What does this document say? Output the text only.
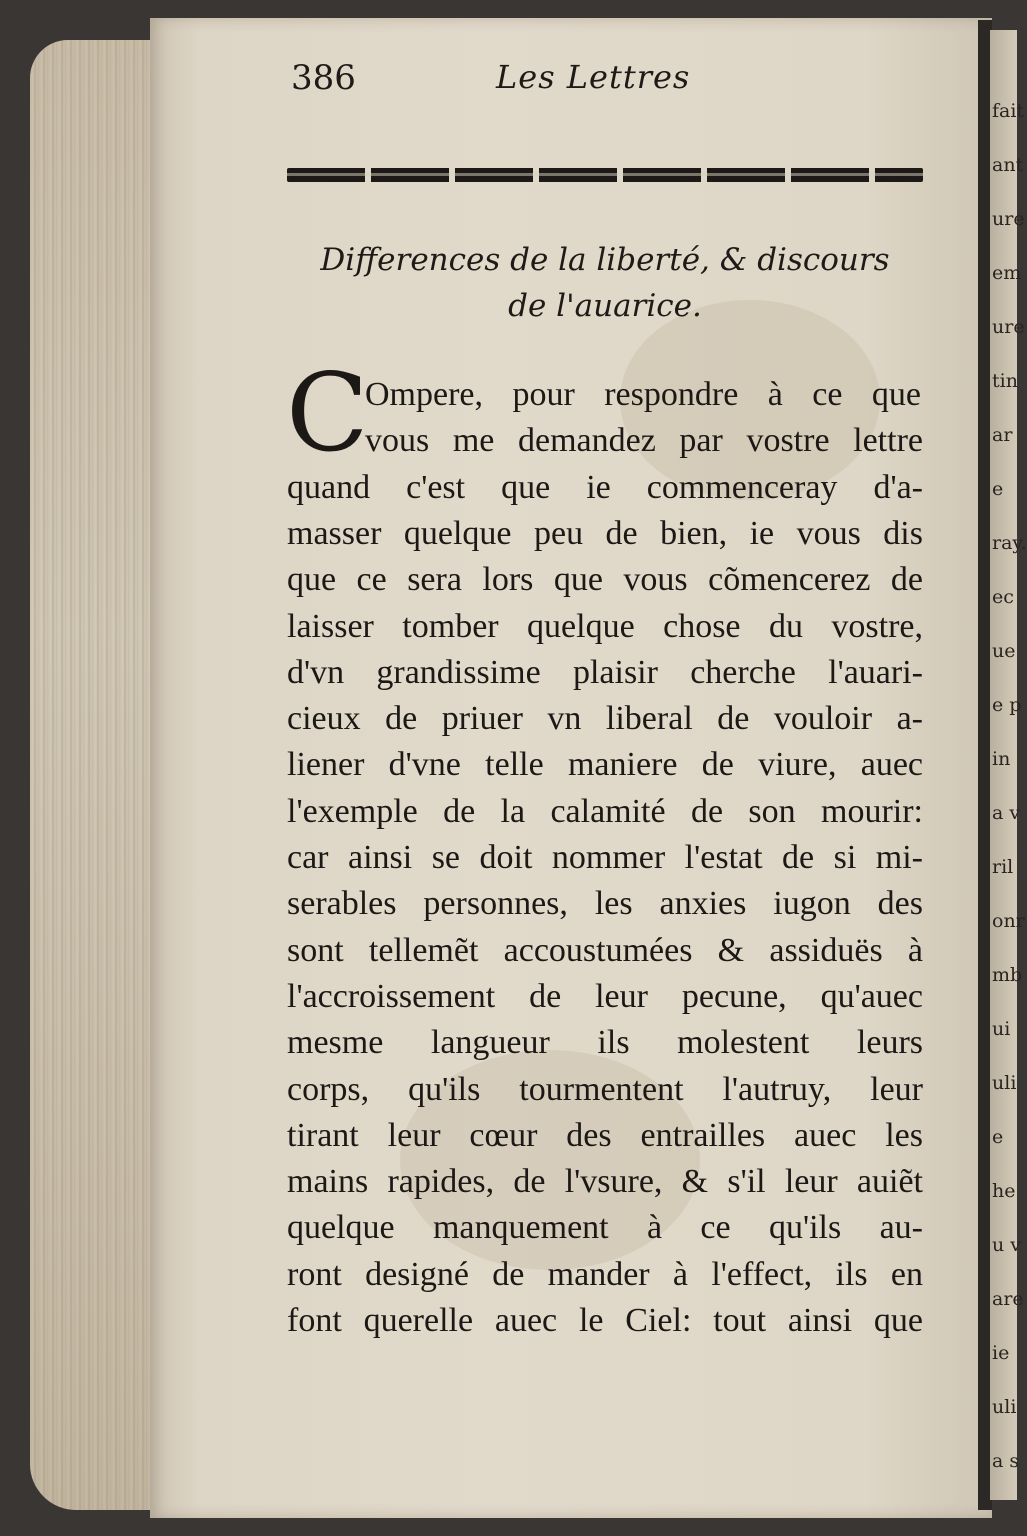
fait
ant
ure
em
ure
tin
ar
e
ray.
ec
ue
e p
in
a v
ril
onr
mb
ui
uli
e
he
u v
are
ie
uli
a s
386	Les Lettres

Differences de la liberté, & discours

de l'auarice.

C
Ompere, pour respondre à ce que
vous me demandez par vostre lettre
quand c'est que ie commenceray d'a-
masser quelque peu de bien, ie vous dis
que ce sera lors que vous cõmencerez de
laisser tomber quelque chose du vostre,
d'vn grandissime plaisir cherche l'auari-
cieux de priuer vn liberal de vouloir a-
liener d'vne telle maniere de viure, auec
l'exemple de la calamité de son mourir:
car ainsi se doit nommer l'estat de si mi-
serables personnes, les anxies iugon des
sont tellemẽt accoustumées & assiduës à
l'accroissement de leur pecune, qu'auec
mesme langueur ils molestent leurs
corps, qu'ils tourmentent l'autruy, leur
tirant leur cœur des entrailles auec les
mains rapides, de l'vsure, & s'il leur auiẽt
quelque manquement à ce qu'ils au-
ront designé de mander à l'effect, ils en
font querelle auec le Ciel: tout ainsi que
